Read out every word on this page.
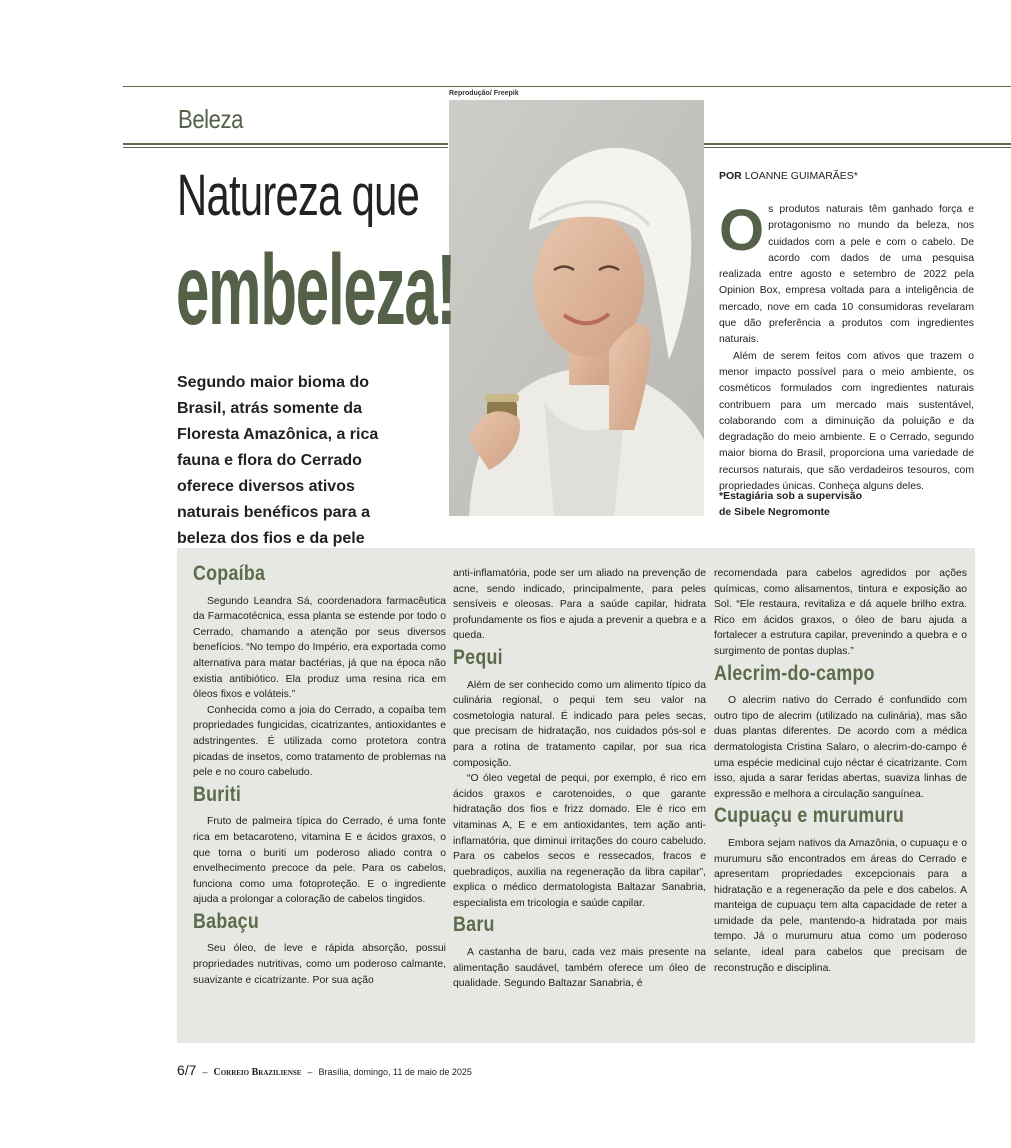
Beleza
Reprodução/ Freepik
Natureza que
embeleza!
Segundo maior bioma do Brasil, atrás somente da Floresta Amazônica, a rica fauna e flora do Cerrado oferece diversos ativos naturais benéficos para a beleza dos fios e da pele
POR LOANNE GUIMARÃES*
O s produtos naturais têm ganhado força e protagonismo no mundo da beleza, nos cuidados com a pele e com o cabelo. De acordo com dados de uma pesquisa realizada entre agosto e setembro de 2022 pela Opinion Box, empresa voltada para a inteligência de mercado, nove em cada 10 consumidoras revelaram que dão preferência a produtos com ingredientes naturais.

Além de serem feitos com ativos que trazem o menor impacto possível para o meio ambiente, os cosméticos formulados com ingredientes naturais contribuem para um mercado mais sustentável, colaborando com a diminuição da poluição e da degradação do meio ambiente. E o Cerrado, segundo maior bioma do Brasil, proporciona uma variedade de recursos naturais, que são verdadeiros tesouros, com propriedades únicas. Conheça alguns deles.

*Estagiária sob a supervisão
de Sibele Negromonte
Copaíba

Segundo Leandra Sá, coordenadora farmacêutica da Farmacotécnica, essa planta se estende por todo o Cerrado, chamando a atenção por seus diversos benefícios. “No tempo do Império, era exportada como alternativa para matar bactérias, já que na época não existia antibiótico. Ela produz uma resina rica em óleos fixos e voláteis.”

Conhecida como a joia do Cerrado, a copaíba tem propriedades fungicidas, cicatrizantes, antioxidantes e adstringentes. É utilizada como protetora contra picadas de insetos, como tratamento de problemas na pele e no couro cabeludo.

Buriti

Fruto de palmeira típica do Cerrado, é uma fonte rica em betacaroteno, vitamina E e ácidos graxos, o que torna o buriti um poderoso aliado contra o envelhecimento precoce da pele. Para os cabelos, funciona como uma fotoproteção. E o ingrediente ajuda a prolongar a coloração de cabelos tingidos.

Babaçu

Seu óleo, de leve e rápida absorção, possui propriedades nutritivas, como um poderoso calmante, suavizante e cicatrizante. Por sua ação

anti-inflamatória, pode ser um aliado na prevenção de acne, sendo indicado, principalmente, para peles sensíveis e oleosas. Para a saúde capilar, hidrata profundamente os fios e ajuda a prevenir a quebra e a queda.

Pequi

Além de ser conhecido como um alimento típico da culinária regional, o pequi tem seu valor na cosmetologia natural. É indicado para peles secas, que precisam de hidratação, nos cuidados pós-sol e para a rotina de tratamento capilar, por sua rica composição.

“O óleo vegetal de pequi, por exemplo, é rico em ácidos graxos e carotenoides, o que garante hidratação dos fios e frizz domado. Ele é rico em vitaminas A, E e em antioxidantes, tem ação anti-inflamatória, que diminui irritações do couro cabeludo. Para os cabelos secos e ressecados, fracos e quebradiços, auxilia na regeneração da libra capilar”, explica o médico dermatologista Baltazar Sanabria, especialista em tricologia e saúde capilar.

Baru

A castanha de baru, cada vez mais presente na alimentação saudável, também oferece um óleo de qualidade. Segundo Baltazar Sanabria, é

recomendada para cabelos agredidos por ações químicas, como alisamentos, tintura e exposição ao Sol. “Ele restaura, revitaliza e dá aquele brilho extra. Rico em ácidos graxos, o óleo de baru ajuda a fortalecer a estrutura capilar, prevenindo a quebra e o surgimento de pontas duplas.”

Alecrim-do-campo

O alecrim nativo do Cerrado é confundido com outro tipo de alecrim (utilizado na culinária), mas são duas plantas diferentes. De acordo com a médica dermatologista Cristina Salaro, o alecrim-do-campo é uma espécie medicinal cujo néctar é cicatrizante. Com isso, ajuda a sarar feridas abertas, suaviza linhas de expressão e melhora a circulação sanguínea.

Cupuaçu e murumuru

Embora sejam nativos da Amazônia, o cupuaçu e o murumuru são encontrados em áreas do Cerrado e apresentam propriedades excepcionais para a hidratação e a regeneração da pele e dos cabelos. A manteiga de cupuaçu tem alta capacidade de reter a umidade da pele, mantendo-a hidratada por mais tempo. Já o murumuru atua como um poderoso selante, ideal para cabelos que precisam de reconstrução e disciplina.

6/7 – Correio Braziliense – Brasília, domingo, 11 de maio de 2025
